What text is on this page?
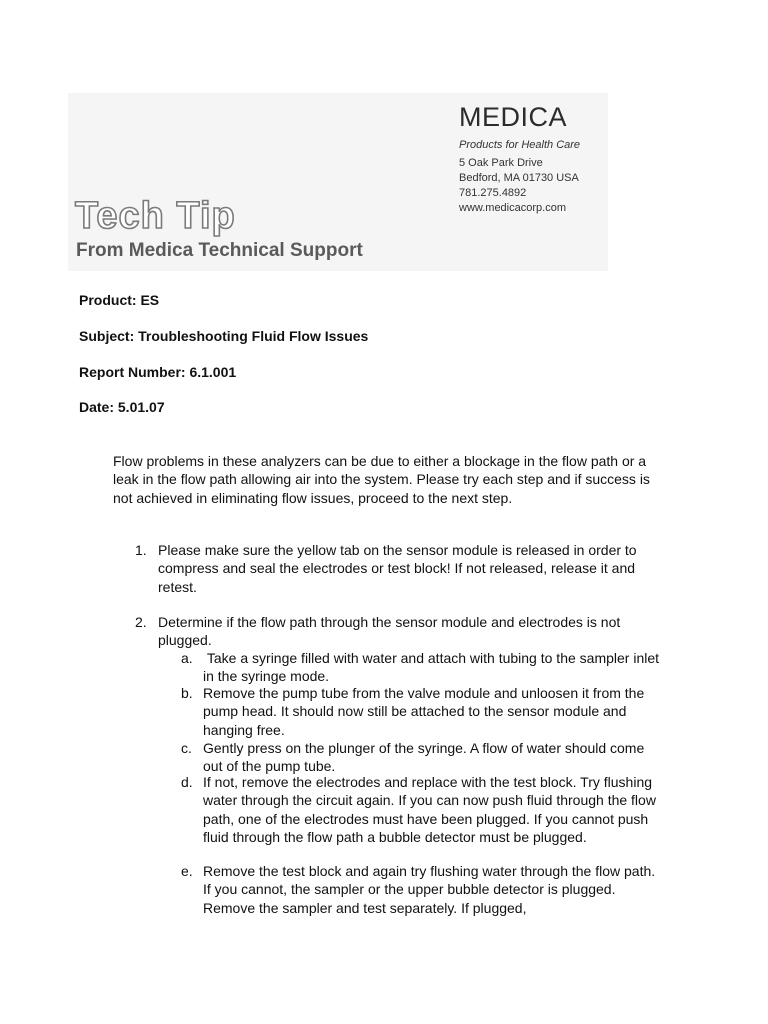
MEDICA
Products for Health Care
5 Oak Park Drive
Bedford, MA 01730 USA
781.275.4892
www.medicacorp.com
Tech Tip
From Medica Technical Support
Product: ES
Subject: Troubleshooting Fluid Flow Issues
Report Number: 6.1.001
Date: 5.01.07
Flow problems in these analyzers can be due to either a blockage in the flow path or a leak in the flow path allowing air into the system. Please try each step and if success is not achieved in eliminating flow issues, proceed to the next step.
1. Please make sure the yellow tab on the sensor module is released in order to compress and seal the electrodes or test block! If not released, release it and retest.
2. Determine if the flow path through the sensor module and electrodes is not plugged.
a. Take a syringe filled with water and attach with tubing to the sampler inlet in the syringe mode.
b. Remove the pump tube from the valve module and unloosen it from the pump head. It should now still be attached to the sensor module and hanging free.
c. Gently press on the plunger of the syringe. A flow of water should come out of the pump tube.
d. If not, remove the electrodes and replace with the test block. Try flushing water through the circuit again. If you can now push fluid through the flow path, one of the electrodes must have been plugged. If you cannot push fluid through the flow path a bubble detector must be plugged.
e. Remove the test block and again try flushing water through the flow path. If you cannot, the sampler or the upper bubble detector is plugged. Remove the sampler and test separately. If plugged,
